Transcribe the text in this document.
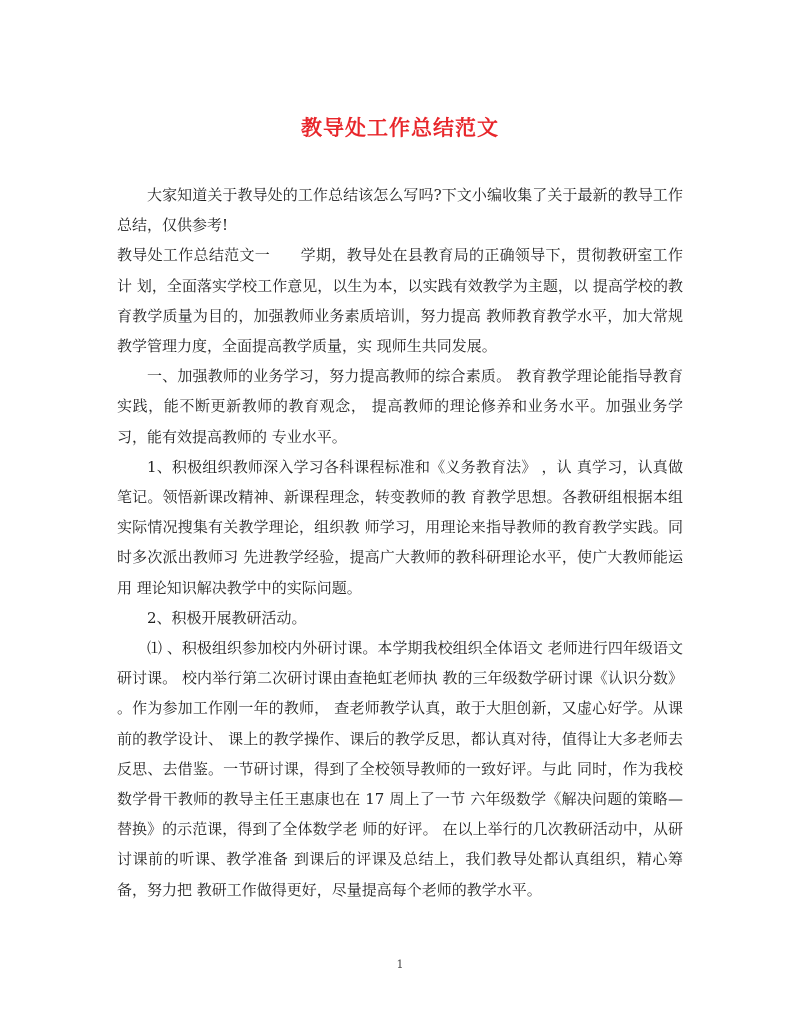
教导处工作总结范文

大家知道关于教导处的工作总结该怎么写吗?下文小编收集了关于最新的教导工作总结，仅供参考!

教导处工作总结范文一　　学期，教导处在县教育局的正确领导下，贯彻教研室工作计 划，全面落实学校工作意见，以生为本，以实践有效教学为主题，以 提高学校的教育教学质量为目的，加强教师业务素质培训，努力提高 教师教育教学水平，加大常规教学管理力度，全面提高教学质量，实 现师生共同发展。

一、加强教师的业务学习，努力提高教师的综合素质。 教育教学理论能指导教育实践，能不断更新教师的教育观念， 提高教师的理论修养和业务水平。加强业务学习，能有效提高教师的 专业水平。

1、积极组织教师深入学习各科课程标准和《义务教育法》 ，认 真学习，认真做笔记。领悟新课改精神、新课程理念，转变教师的教 育教学思想。各教研组根据本组实际情况搜集有关教学理论，组织教 师学习，用理论来指导教师的教育教学实践。同时多次派出教师习 先进教学经验，提高广大教师的教科研理论水平，使广大教师能运用 理论知识解决教学中的实际问题。

2、积极开展教研活动。

⑴ 、积极组织参加校内外研讨课。本学期我校组织全体语文 老师进行四年级语文研讨课。 校内举行第二次研讨课由查艳虹老师执 教的三年级数学研讨课《认识分数》 。作为参加工作刚一年的教师， 查老师教学认真，敢于大胆创新，又虚心好学。从课前的教学设计、 课上的教学操作、课后的教学反思，都认真对待，值得让大多老师去反思、去借鉴。一节研讨课，得到了全校领导教师的一致好评。与此 同时，作为我校数学骨干教师的教导主任王惠康也在 17 周上了一节 六年级数学《解决问题的策略—替换》的示范课，得到了全体数学老 师的好评。 在以上举行的几次教研活动中，从研讨课前的听课、教学准备 到课后的评课及总结上，我们教导处都认真组织，精心筹备，努力把 教研工作做得更好，尽量提高每个老师的教学水平。

1
